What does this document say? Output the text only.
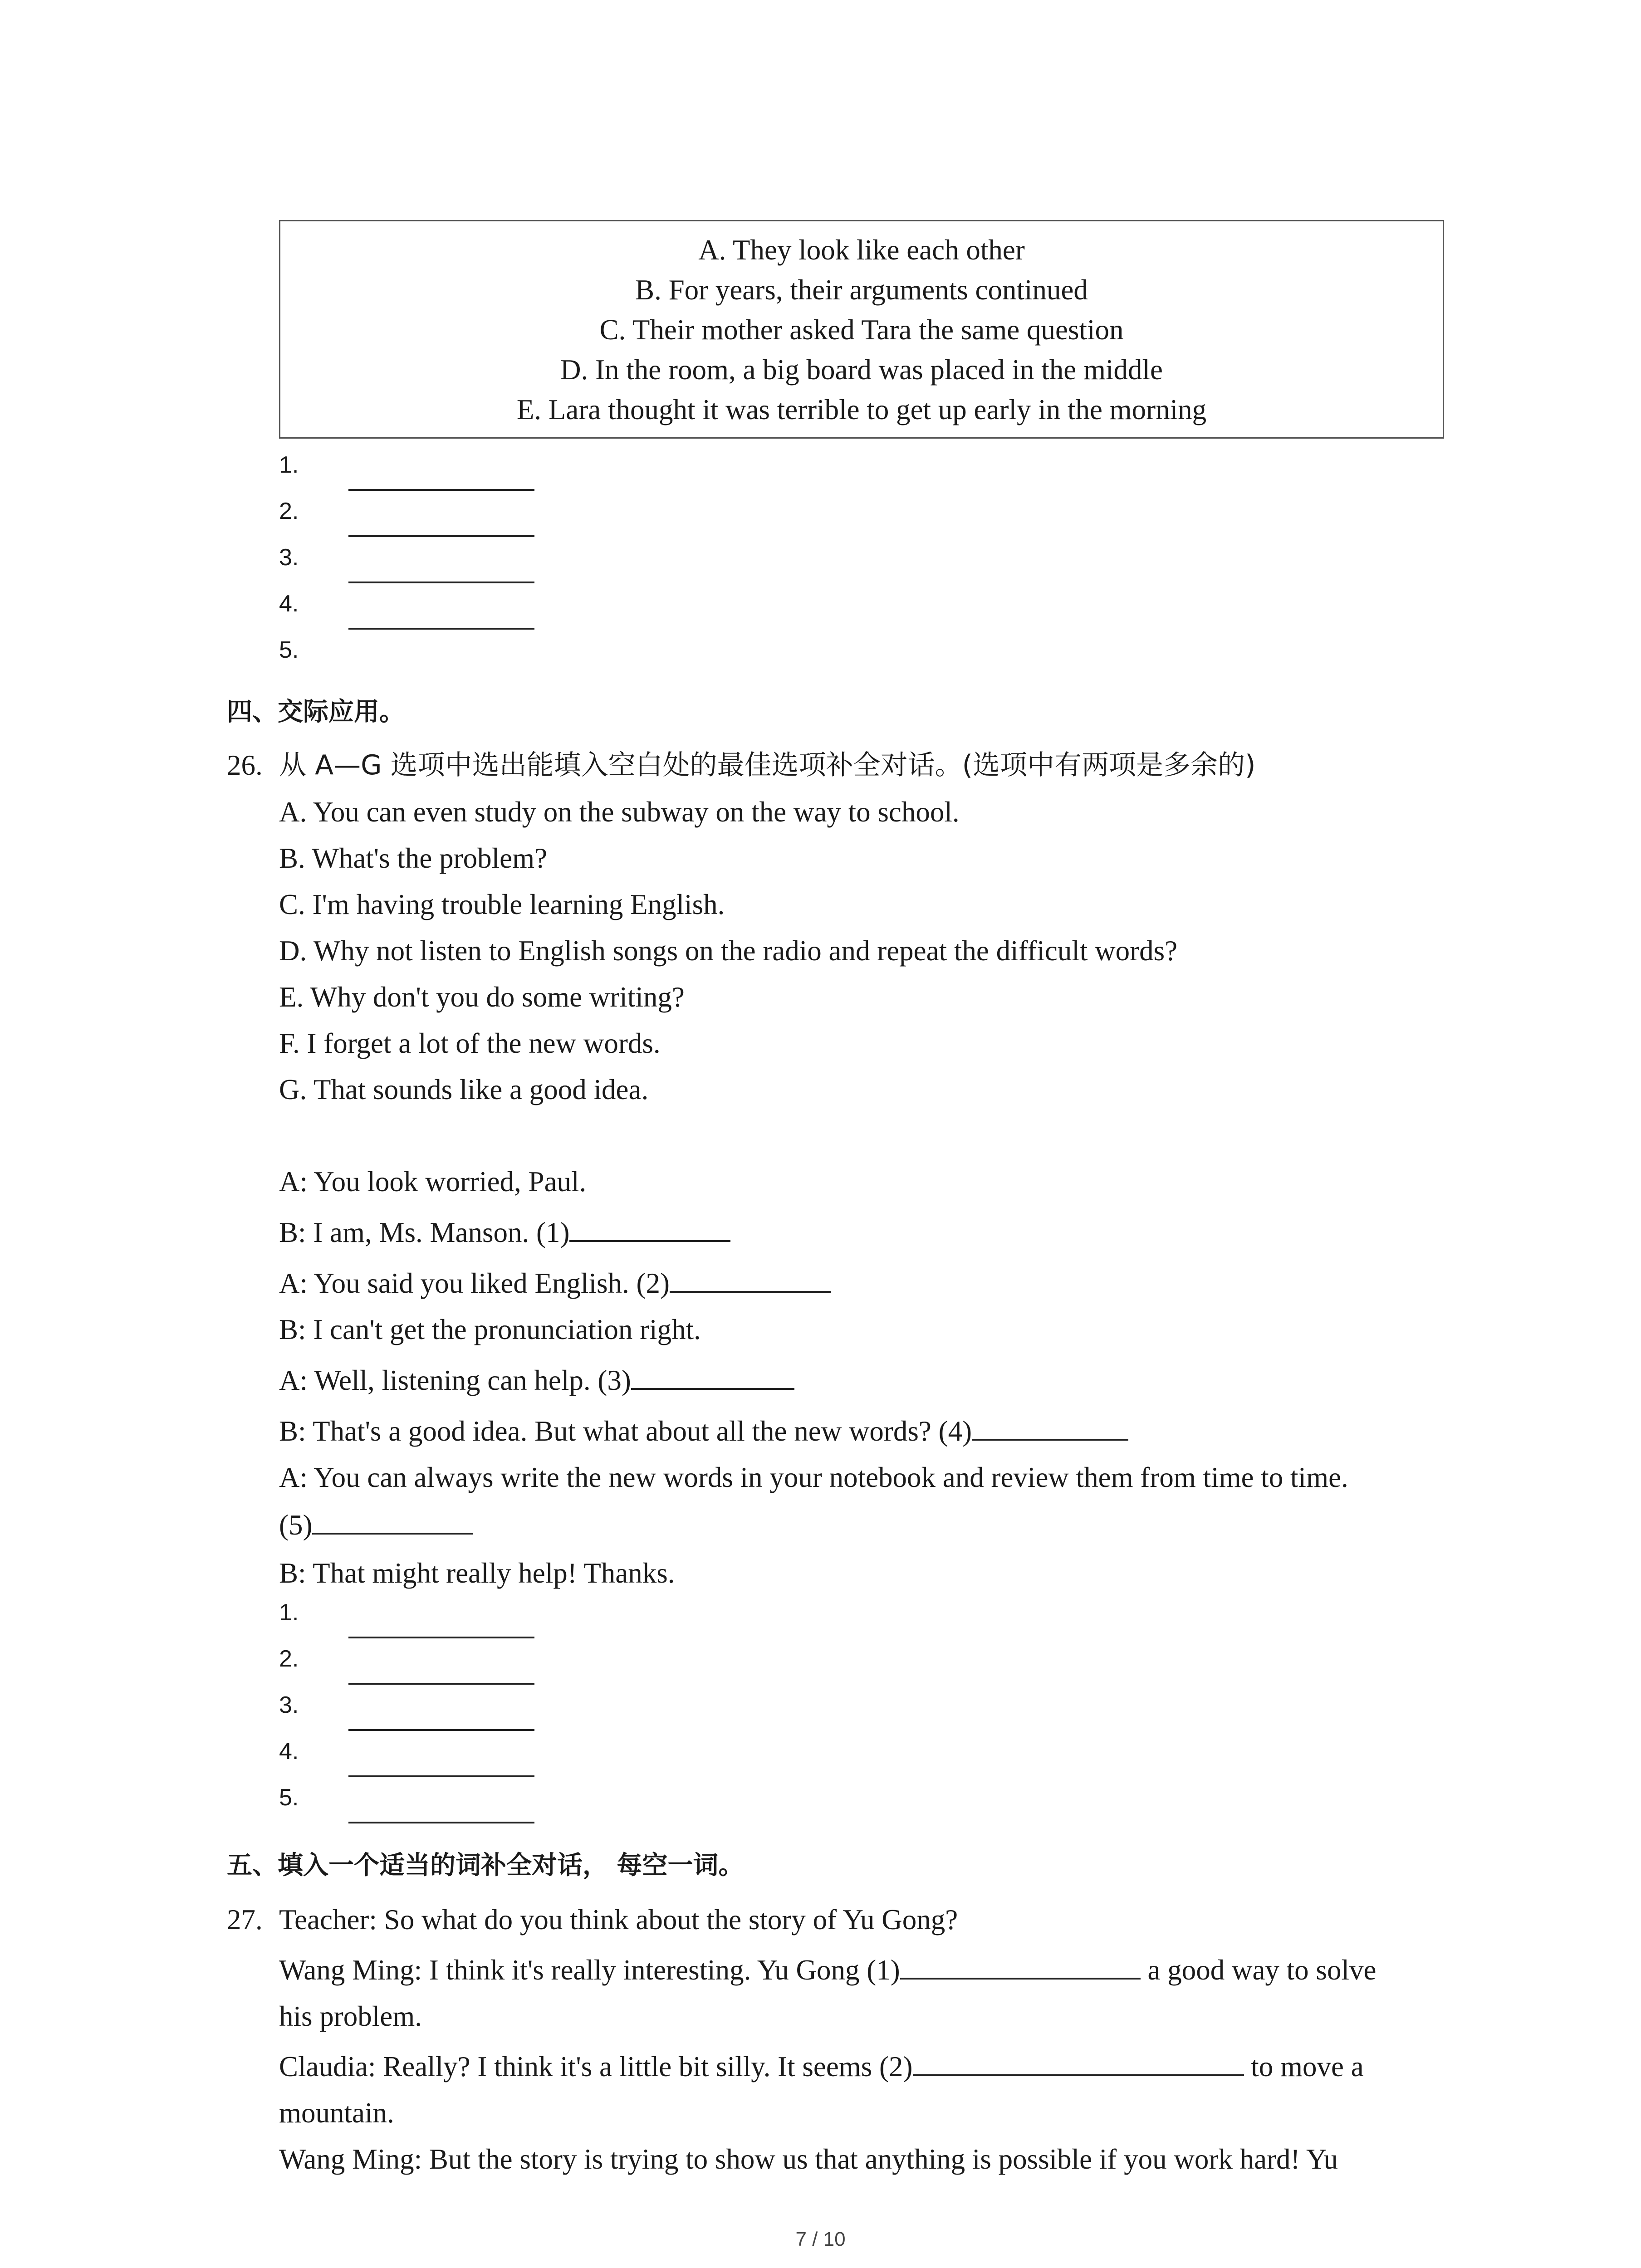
A. They look like each other
B. For years, their arguments continued
C. Their mother asked Tara the same question
D. In the room, a big board was placed in the middle
E. Lara thought it was terrible to get up early in the morning
1.
2.
3.
4.
5.
四、交际应用。
26. 从 A—G 选项中选出能填入空白处的最佳选项补全对话。(选项中有两项是多余的)
A. You can even study on the subway on the way to school.
B. What's the problem?
C. I'm having trouble learning English.
D. Why not listen to English songs on the radio and repeat the difficult words?
E. Why don't you do some writing?
F. I forget a lot of the new words.
G. That sounds like a good idea.
A: You look worried, Paul.
B: I am, Ms. Manson. (1)
A: You said you liked English. (2)
B: I can't get the pronunciation right.
A: Well, listening can help. (3)
B: That's a good idea. But what about all the new words? (4)
A: You can always write the new words in your notebook and review them from time to time.
(5)
B: That might really help! Thanks.
1.
2.
3.
4.
5.
五、填入一个适当的词补全对话， 每空一词。
27. Teacher: So what do you think about the story of Yu Gong?
Wang Ming: I think it's really interesting. Yu Gong (1)	a good way to solve
his problem.
Claudia: Really? I think it's a little bit silly. It seems (2)	to move a
mountain.
Wang Ming: But the story is trying to show us that anything is possible if you work hard! Yu
7 / 10
